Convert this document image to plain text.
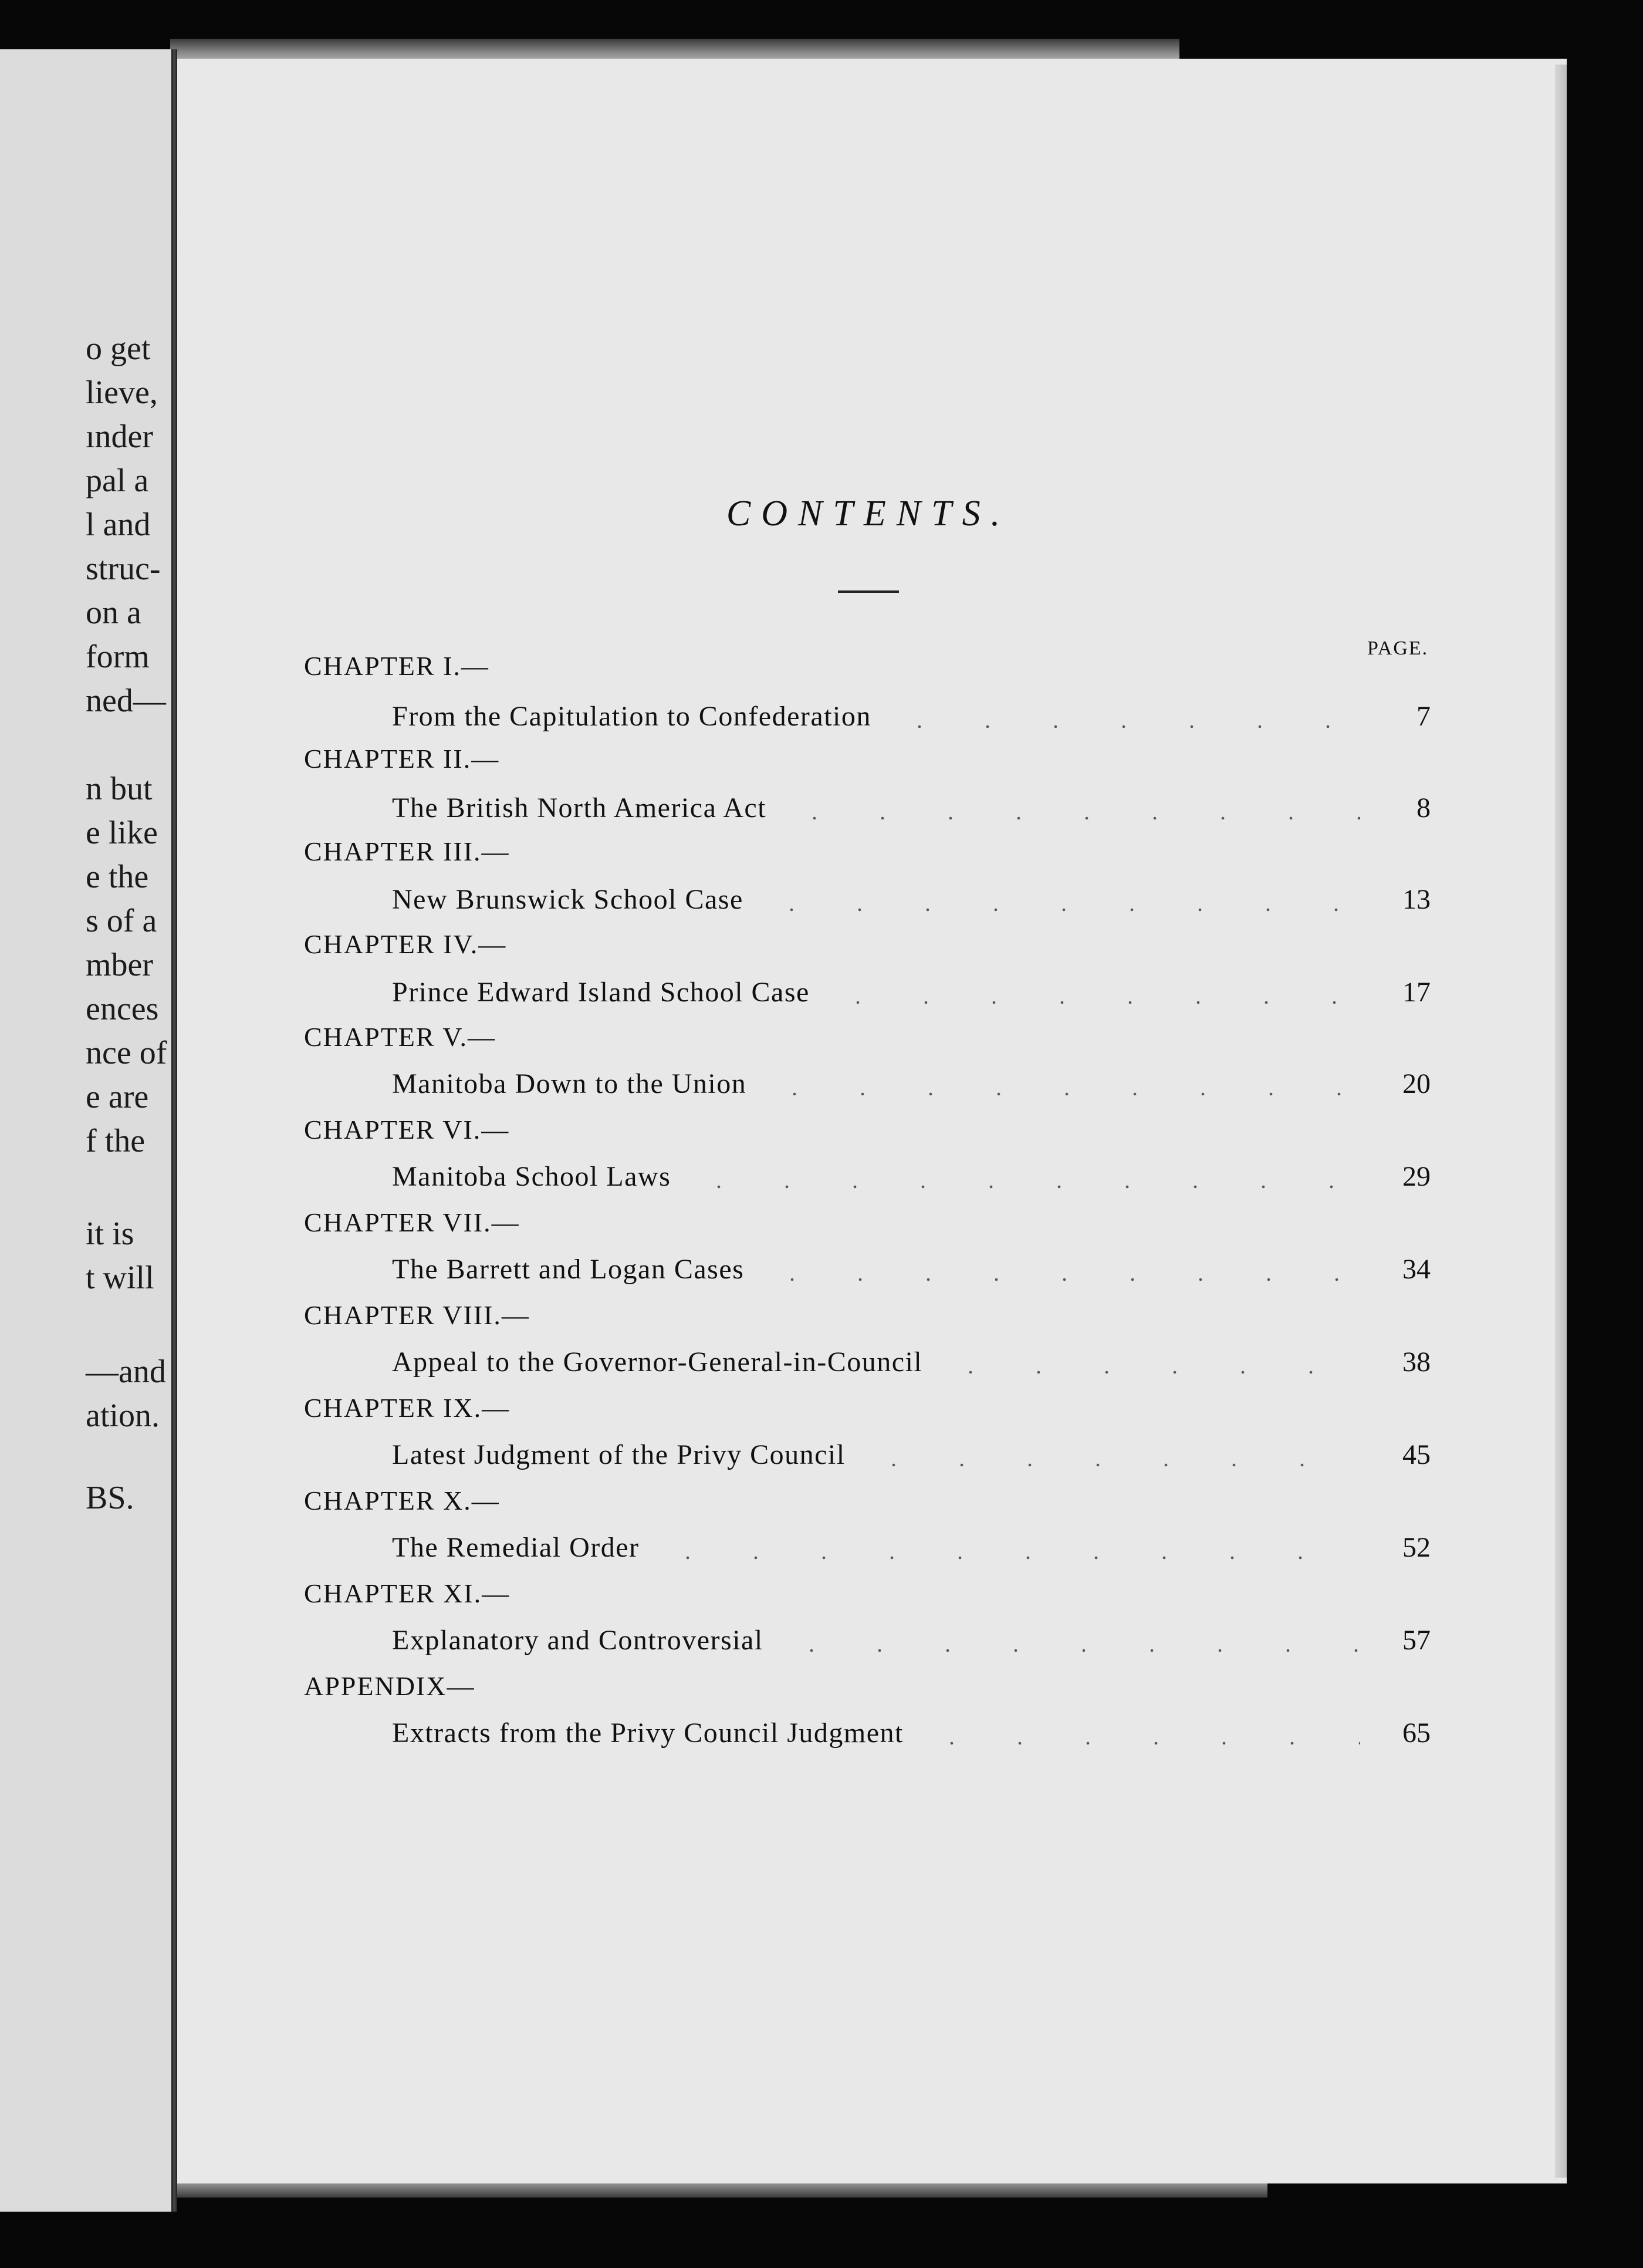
o get
lieve,
ınder
pal a
l and
struc-
on a
form
ned—
n but
e like
e the
s of a
mber
ences
nce of
e are
f the
it is
t will
—and
ation.
BS.
CONTENTS.
PAGE.
CHAPTER I.—
From the Capitulation to Confederation	7
CHAPTER II.—
The British North America Act	8
CHAPTER III.—
New Brunswick School Case	13
CHAPTER IV.—
Prince Edward Island School Case	17
CHAPTER V.—
Manitoba Down to the Union	20
CHAPTER VI.—
Manitoba School Laws	29
CHAPTER VII.—
The Barrett and Logan Cases	34
CHAPTER VIII.—
Appeal to the Governor-General-in-Council	38
CHAPTER IX.—
Latest Judgment of the Privy Council	45
CHAPTER X.—
The Remedial Order	52
CHAPTER XI.—
Explanatory and Controversial	57
APPENDIX—
Extracts from the Privy Council Judgment	65
